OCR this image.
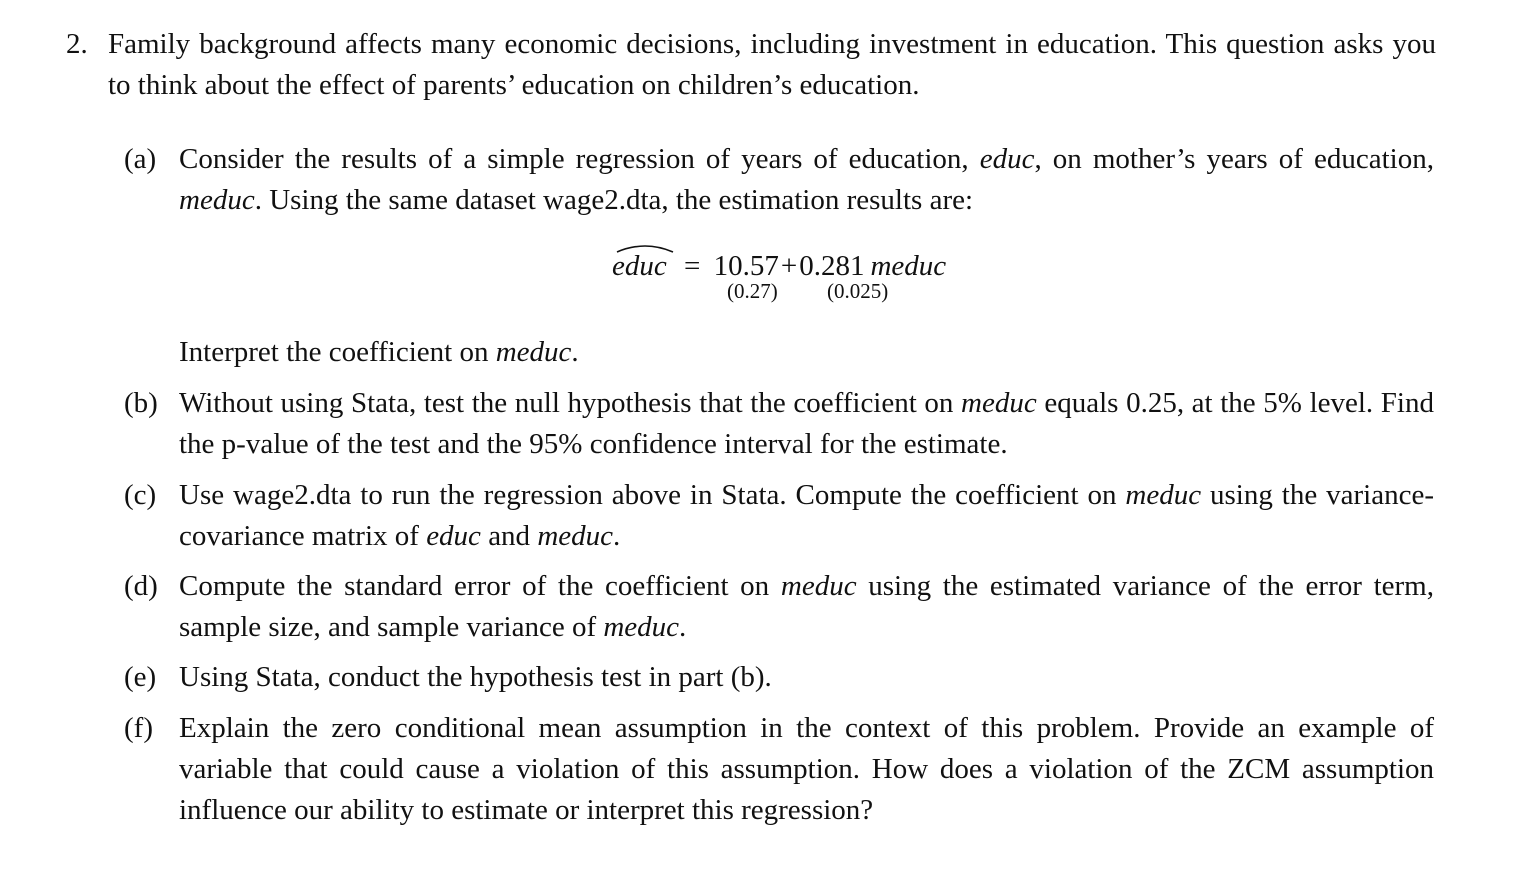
2. Family background affects many economic decisions, including investment in education. This question asks you to think about the effect of parents’ education on children’s education.
(a) Consider the results of a simple regression of years of education, educ, on mother’s years of education, meduc. Using the same dataset wage2.dta, the estimation results are:
educ = 10.57+0.281 meduc
(0.27) (0.025)
Interpret the coefficient on meduc.
(b) Without using Stata, test the null hypothesis that the coefficient on meduc equals 0.25, at the 5% level. Find the p-value of the test and the 95% confidence interval for the estimate.
(c) Use wage2.dta to run the regression above in Stata. Compute the coefficient on meduc using the variance-covariance matrix of educ and meduc.
(d) Compute the standard error of the coefficient on meduc using the estimated variance of the error term, sample size, and sample variance of meduc.
(e) Using Stata, conduct the hypothesis test in part (b).
(f) Explain the zero conditional mean assumption in the context of this problem. Provide an example of variable that could cause a violation of this assumption. How does a violation of the ZCM assumption influence our ability to estimate or interpret this regression?
